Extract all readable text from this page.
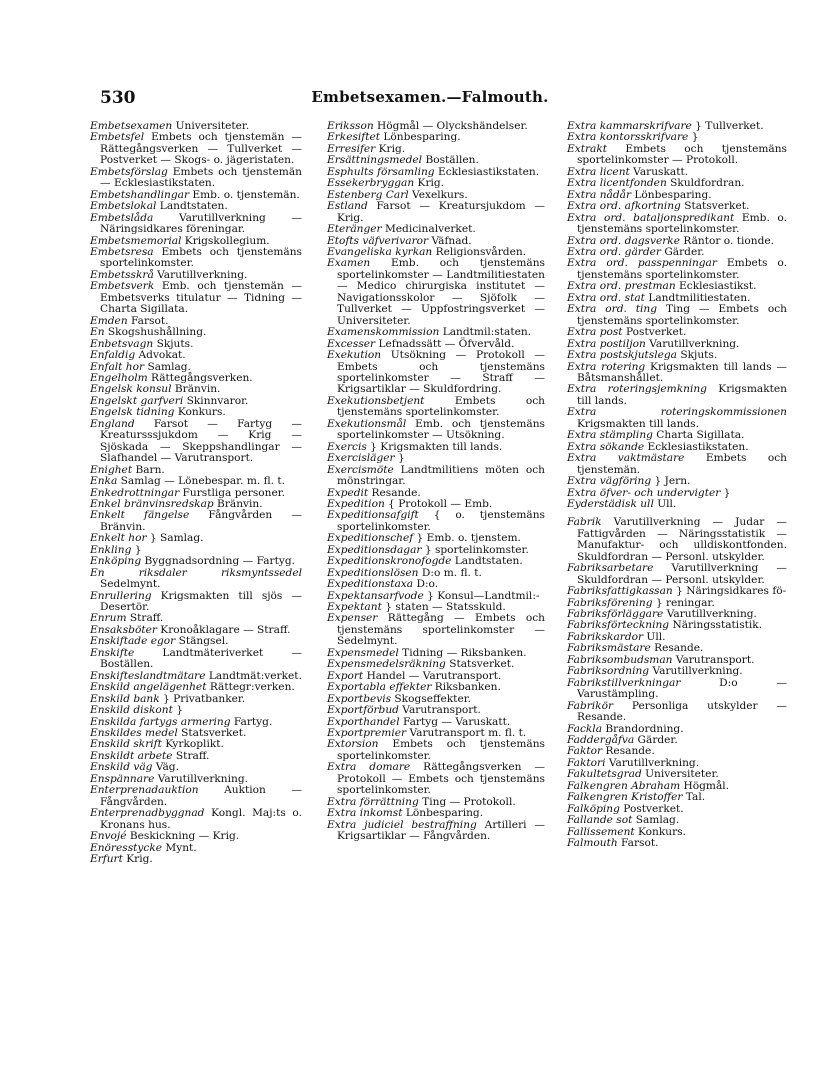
530	Embetsexamen.—Falmouth.

Embetsexamen Universiteter.

Embetsfel Embets och tjenstemän — Rättegångsverken — Tullverket — Postverket — Skogs- o. jägeristaten.

Embetsförslag Embets och tjenstemän — Ecklesiastikstaten.

Embetshandlingar Emb. o. tjenstemän.

Embetslokal Landtstaten.

Embetslåda Varutillverkning — Näringsidkares föreningar.

Embetsmemorial Krigskollegium.

Embetsresa Embets och tjenstemäns sportelinkomster.

Embetsskrå Varutillverkning.

Embetsverk Emb. och tjenstemän — Embetsverks titulatur — Tidning — Charta Sigillata.

Emden Farsot.

En Skogshushållning.

Enbetsvagn Skjuts.

Enfaldig Advokat.

Enfalt hor Samlag.

Engelholm Rättegångsverken.

Engelsk konsul Bränvin.

Engelskt garfveri Skinnvaror.

Engelsk tidning Konkurs.

England Farsot — Fartyg — Kreatursssjukdom — Krig — Sjöskada — Skeppshandlingar — Slafhandel — Varutransport.

Enighet Barn.

Enka Samlag — Lönebespar. m. fl. t.

Enkedrottningar Furstliga personer.

Enkel bränvinsredskap Bränvin.

Enkelt fängelse Fångvården — Bränvin.

Enkelt hor } Samlag.

Enkling }

Enköping Byggnadsordning — Fartyg.

En riksdaler riksmyntssedel Sedelmynt.

Enrullering Krigsmakten till sjös — Desertör.

Enrum Straff.

Ensaksböter Kronoåklagare — Straff.

Enskiftade egor Stängsel.

Enskifte Landtmäteriverket — Boställen.

Enskifteslandtmätare Landtmät:verket.

Enskild angelägenhet Rättegr:verken.

Enskild bank } Privatbanker.

Enskild diskont }

Enskilda fartygs armering Fartyg.

Enskildes medel Statsverket.

Enskild skrift Kyrkoplikt.

Enskildt arbete Straff.

Enskild väg Väg.

Enspännare Varutillverkning.

Enterprenadauktion Auktion — Fångvården.

Enterprenadbyggnad Kongl. Maj:ts o. Kronans hus.

Envojé Beskickning — Krig.

Enöresstycke Mynt.

Erfurt Krig.

Eriksson Högmål — Olyckshändelser.

Erkesiftet Lönbesparing.

Erresifer Krig.

Ersättningsmedel Boställen.

Esphults församling Ecklesiastikstaten.

Essekerbryggan Krig.

Estenberg Carl Vexelkurs.

Estland Farsot — Kreatursjukdom — Krig.

Eteränger Medicinalverket.

Etofts väfverivaror Väfnad.

Evangeliska kyrkan Religionsvården.

Examen Emb. och tjenstemäns sportelinkomster — Landtmilitiestaten — Medico chirurgiska institutet — Navigationsskolor — Sjöfolk — Tullverket — Uppfostringsverket — Universiteter.

Examenskommission Landtmil:staten.

Excesser Lefnadssätt — Öfvervåld.

Exekution Utsökning — Protokoll — Embets och tjenstemäns sportelinkomster — Straff — Krigsartiklar — Skuldfordring.

Exekutionsbetjent Embets och tjenstemäns sportelinkomster.

Exekutionsmål Emb. och tjenstemäns sportelinkomster — Utsökning.

Exercis } Krigsmakten till lands.

Exercisläger }

Exercismöte Landtmilitiens möten och mönstringar.

Expedit Resande.

Expedition { Protokoll — Emb.

Expeditionsafgift { o. tjenstemäns sportelinkomster.

Expeditionschef } Emb. o. tjenstem.

Expeditionsdagar } sportelinkomster.

Expeditionskronofogde Landtstaten.

Expeditionslösen D:o m. fl. t.

Expeditionstaxa D:o.

Expektansarfvode } Konsul—Landtmil:-

Expektant } staten — Statsskuld.

Expenser Rättegång — Embets och tjenstemäns sportelinkomster — Sedelmynt.

Expensmedel Tidning — Riksbanken.

Expensmedelsräkning Statsverket.

Export Handel — Varutransport.

Exportabla effekter Riksbanken.

Exportbevis Skogseffekter.

Exportförbud Varutransport.

Exporthandel Fartyg — Varuskatt.

Exportpremier Varutransport m. fl. t.

Extorsion Embets och tjenstemäns sportelinkomster.

Extra domare Rättegångsverken — Protokoll — Embets och tjenstemäns sportelinkomster.

Extra förrättning Ting — Protokoll.

Extra inkomst Lönbesparing.

Extra judiciel bestraffning Artilleri — Krigsartiklar — Fångvården.

Extra kammarskrifvare } Tullverket.

Extra kontorsskrifvare }

Extrakt Embets och tjenstemäns sportelinkomster — Protokoll.

Extra licent Varuskatt.

Extra licentfonden Skuldfordran.

Extra nådår Lönbesparing.

Extra ord. afkortning Statsverket.

Extra ord. bataljonspredikant Emb. o. tjenstemäns sportelinkomster.

Extra ord. dagsverke Räntor o. tionde.

Extra ord. gärder Gärder.

Extra ord. passpenningar Embets o. tjenstemäns sportelinkomster.

Extra ord. prestman Ecklesiastikst.

Extra ord. stat Landtmilitiestaten.

Extra ord. ting Ting — Embets och tjenstemäns sportelinkomster.

Extra post Postverket.

Extra postiljon Varutillverkning.

Extra postskjutslega Skjuts.

Extra rotering Krigsmakten till lands — Båtsmanshållet.

Extra roteringsjemkning Krigsmakten till lands.

Extra roteringskommissionen Krigsmakten till lands.

Extra stämpling Charta Sigillata.

Extra sökande Ecklesiastikstaten.

Extra vaktmästare Embets och tjenstemän.

Extra vägföring } Jern.

Extra öfver- och undervigter }

Eyderstädisk ull Ull.

Fabrik Varutillverkning — Judar — Fattigvården — Näringsstatistik — Manufaktur- och ulldiskontfonden. Skuldfordran — Personl. utskylder.

Fabriksarbetare Varutillverkning — Skuldfordran — Personl. utskylder.

Fabriksfattigkassan } Näringsidkares fö-

Fabriksförening } reningar.

Fabriksförläggare Varutillverkning.

Fabriksförteckning Näringsstatistik.

Fabrikskardor Ull.

Fabriksmästare Resande.

Fabriksombudsman Varutransport.

Fabriksordning Varutillverkning.

Fabrikstillverkningar D:o — Varustämpling.

Fabrikör Personliga utskylder — Resande.

Fackla Brandordning.

Faddergåfva Gärder.

Faktor Resande.

Faktori Varutillverkning.

Fakultetsgrad Universiteter.

Falkengren Abraham Högmål.

Falkengren Kristoffer Tal.

Falköping Postverket.

Fallande sot Samlag.

Fallissement Konkurs.

Falmouth Farsot.
